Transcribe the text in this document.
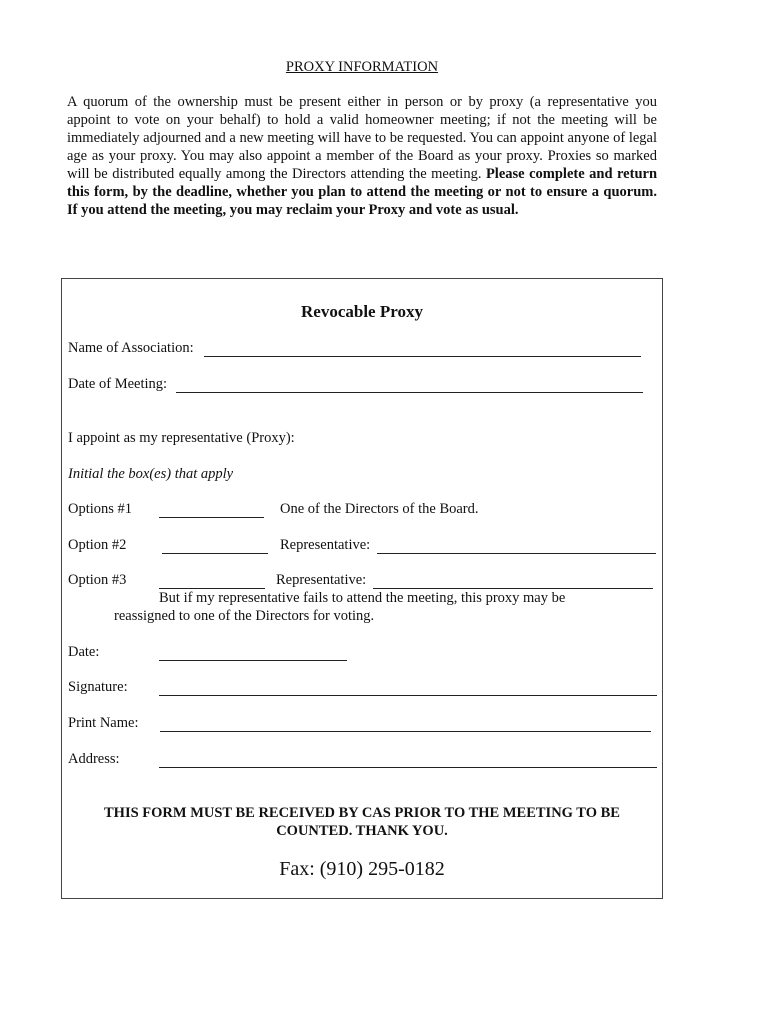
PROXY INFORMATION

A quorum of the ownership must be present either in person or by proxy (a representative you appoint to vote on your behalf) to hold a valid homeowner meeting; if not the meeting will be immediately adjourned and a new meeting will have to be requested. You can appoint anyone of legal age as your proxy. You may also appoint a member of the Board as your proxy. Proxies so marked will be distributed equally among the Directors attending the meeting. Please complete and return this form, by the deadline, whether you plan to attend the meeting or not to ensure a quorum. If you attend the meeting, you may reclaim your Proxy and vote as usual.

Revocable Proxy
Name of Association:
Date of Meeting:
I appoint as my representative (Proxy):
Initial the box(es) that apply
Options #1	One of the Directors of the Board.
Option #2	Representative:
Option #3	Representative:
But if my representative fails to attend the meeting, this proxy may be
reassigned to one of the Directors for voting.
Date:
Signature:
Print Name:
Address:
THIS FORM MUST BE RECEIVED BY CAS PRIOR TO THE MEETING TO BE COUNTED. THANK YOU.
Fax: (910) 295-0182
